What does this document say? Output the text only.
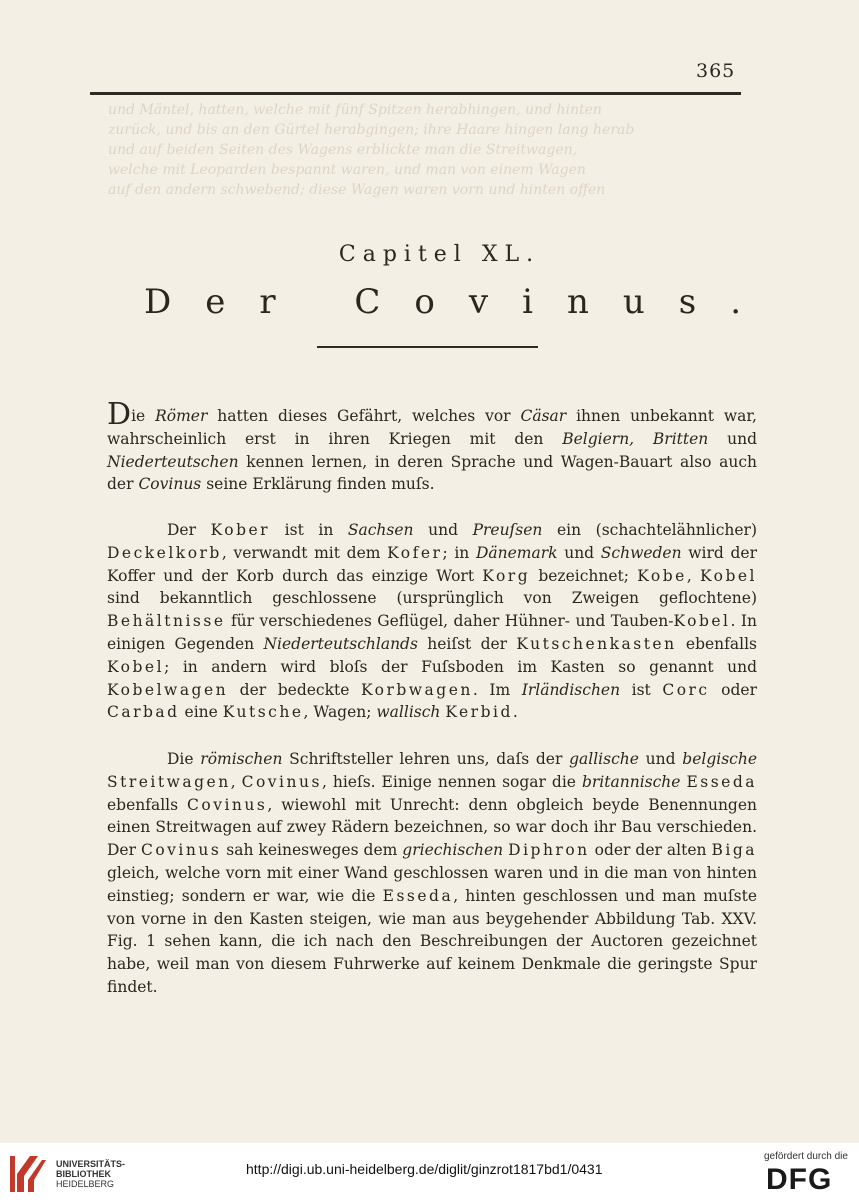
365
und Mäntel, hatten, welche mit fünf Spitzen herabhingen, und hinten
zurück, und bis an den Gürtel herabgingen; ihre Haare hingen lang herab
und auf beiden Seiten des Wagens erblickte man die Streitwagen,
welche mit Leoparden bespannt waren, und man von einem Wagen
auf den andern schwebend; diese Wagen waren vorn und hinten offen
Capitel XL.
Der Covinus.

Die Römer hatten dieses Gefährt, welches vor Cäsar ihnen unbekannt war, wahrscheinlich erst in ihren Kriegen mit den Belgiern, Britten und Niederteutschen kennen lernen, in deren Sprache und Wagen-Bauart also auch der Covinus seine Erklärung finden muſs.

Der Kober ist in Sachsen und Preuſsen ein (schachtelähnlicher) Deckelkorb, verwandt mit dem Kofer; in Dänemark und Schweden wird der Koffer und der Korb durch das einzige Wort Korg bezeichnet; Kobe, Kobel sind bekanntlich geschlossene (ursprünglich von Zweigen geflochtene) Behältnisse für verschiedenes Geflügel, daher Hühner- und Tauben-Kobel. In einigen Gegenden Niederteutschlands heiſst der Kutschenkasten ebenfalls Kobel; in andern wird bloſs der Fuſsboden im Kasten so genannt und Kobelwagen der bedeckte Korbwagen. Im Irländischen ist Corc oder Carbad eine Kutsche, Wagen; wallisch Kerbid.

Die römischen Schriftsteller lehren uns, daſs der gallische und belgische Streitwagen, Covinus, hieſs. Einige nennen sogar die britannische Esseda ebenfalls Covinus, wiewohl mit Unrecht: denn obgleich beyde Benennungen einen Streitwagen auf zwey Rädern bezeichnen, so war doch ihr Bau verschieden. Der Covinus sah keinesweges dem griechischen Diphron oder der alten Biga gleich, welche vorn mit einer Wand geschlossen waren und in die man von hinten einstieg; sondern er war, wie die Esseda, hinten geschlossen und man muſste von vorne in den Kasten steigen, wie man aus beygehender Abbildung Tab. XXV. Fig. 1 sehen kann, die ich nach den Beschreibungen der Auctoren gezeichnet habe, weil man von diesem Fuhrwerke auf keinem Denkmale die geringste Spur findet.

UNIVERSITÄTS-
BIBLIOTHEK
HEIDELBERG
http://digi.ub.uni-heidelberg.de/diglit/ginzrot1817bd1/0431
gefördert durch die
DFG
